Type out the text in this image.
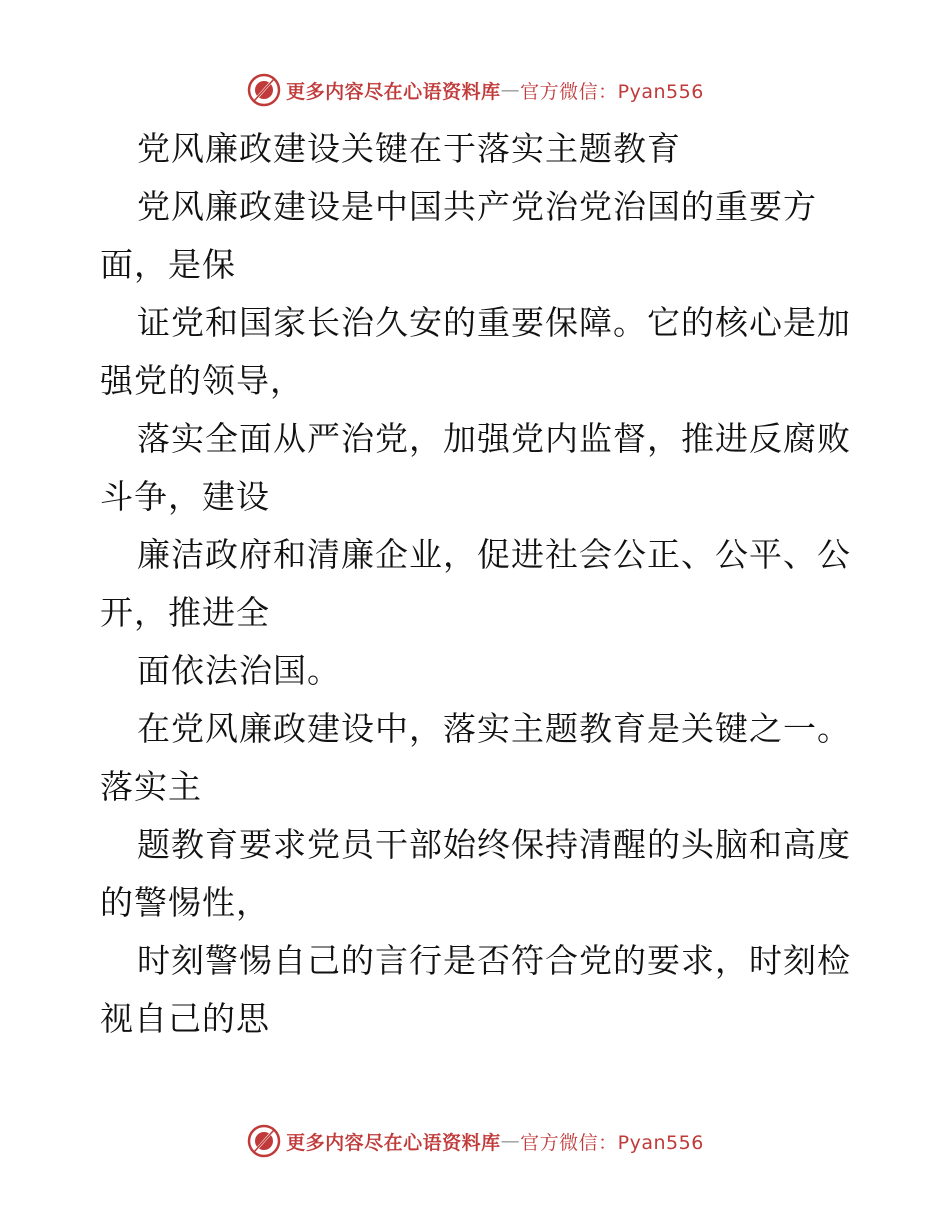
更多内容尽在心语资料库 — 官方微信：Pyan556
党风廉政建设关键在于落实主题教育
党风廉政建设是中国共产党治党治国的重要方
面，是保
证党和国家长治久安的重要保障。它的核心是加
强党的领导，
落实全面从严治党，加强党内监督，推进反腐败
斗争，建设
廉洁政府和清廉企业，促进社会公正、公平、公
开，推进全
面依法治国。
在党风廉政建设中，落实主题教育是关键之一。
落实主
题教育要求党员干部始终保持清醒的头脑和高度
的警惕性，
时刻警惕自己的言行是否符合党的要求，时刻检
视自己的思
更多内容尽在心语资料库 — 官方微信：Pyan556
